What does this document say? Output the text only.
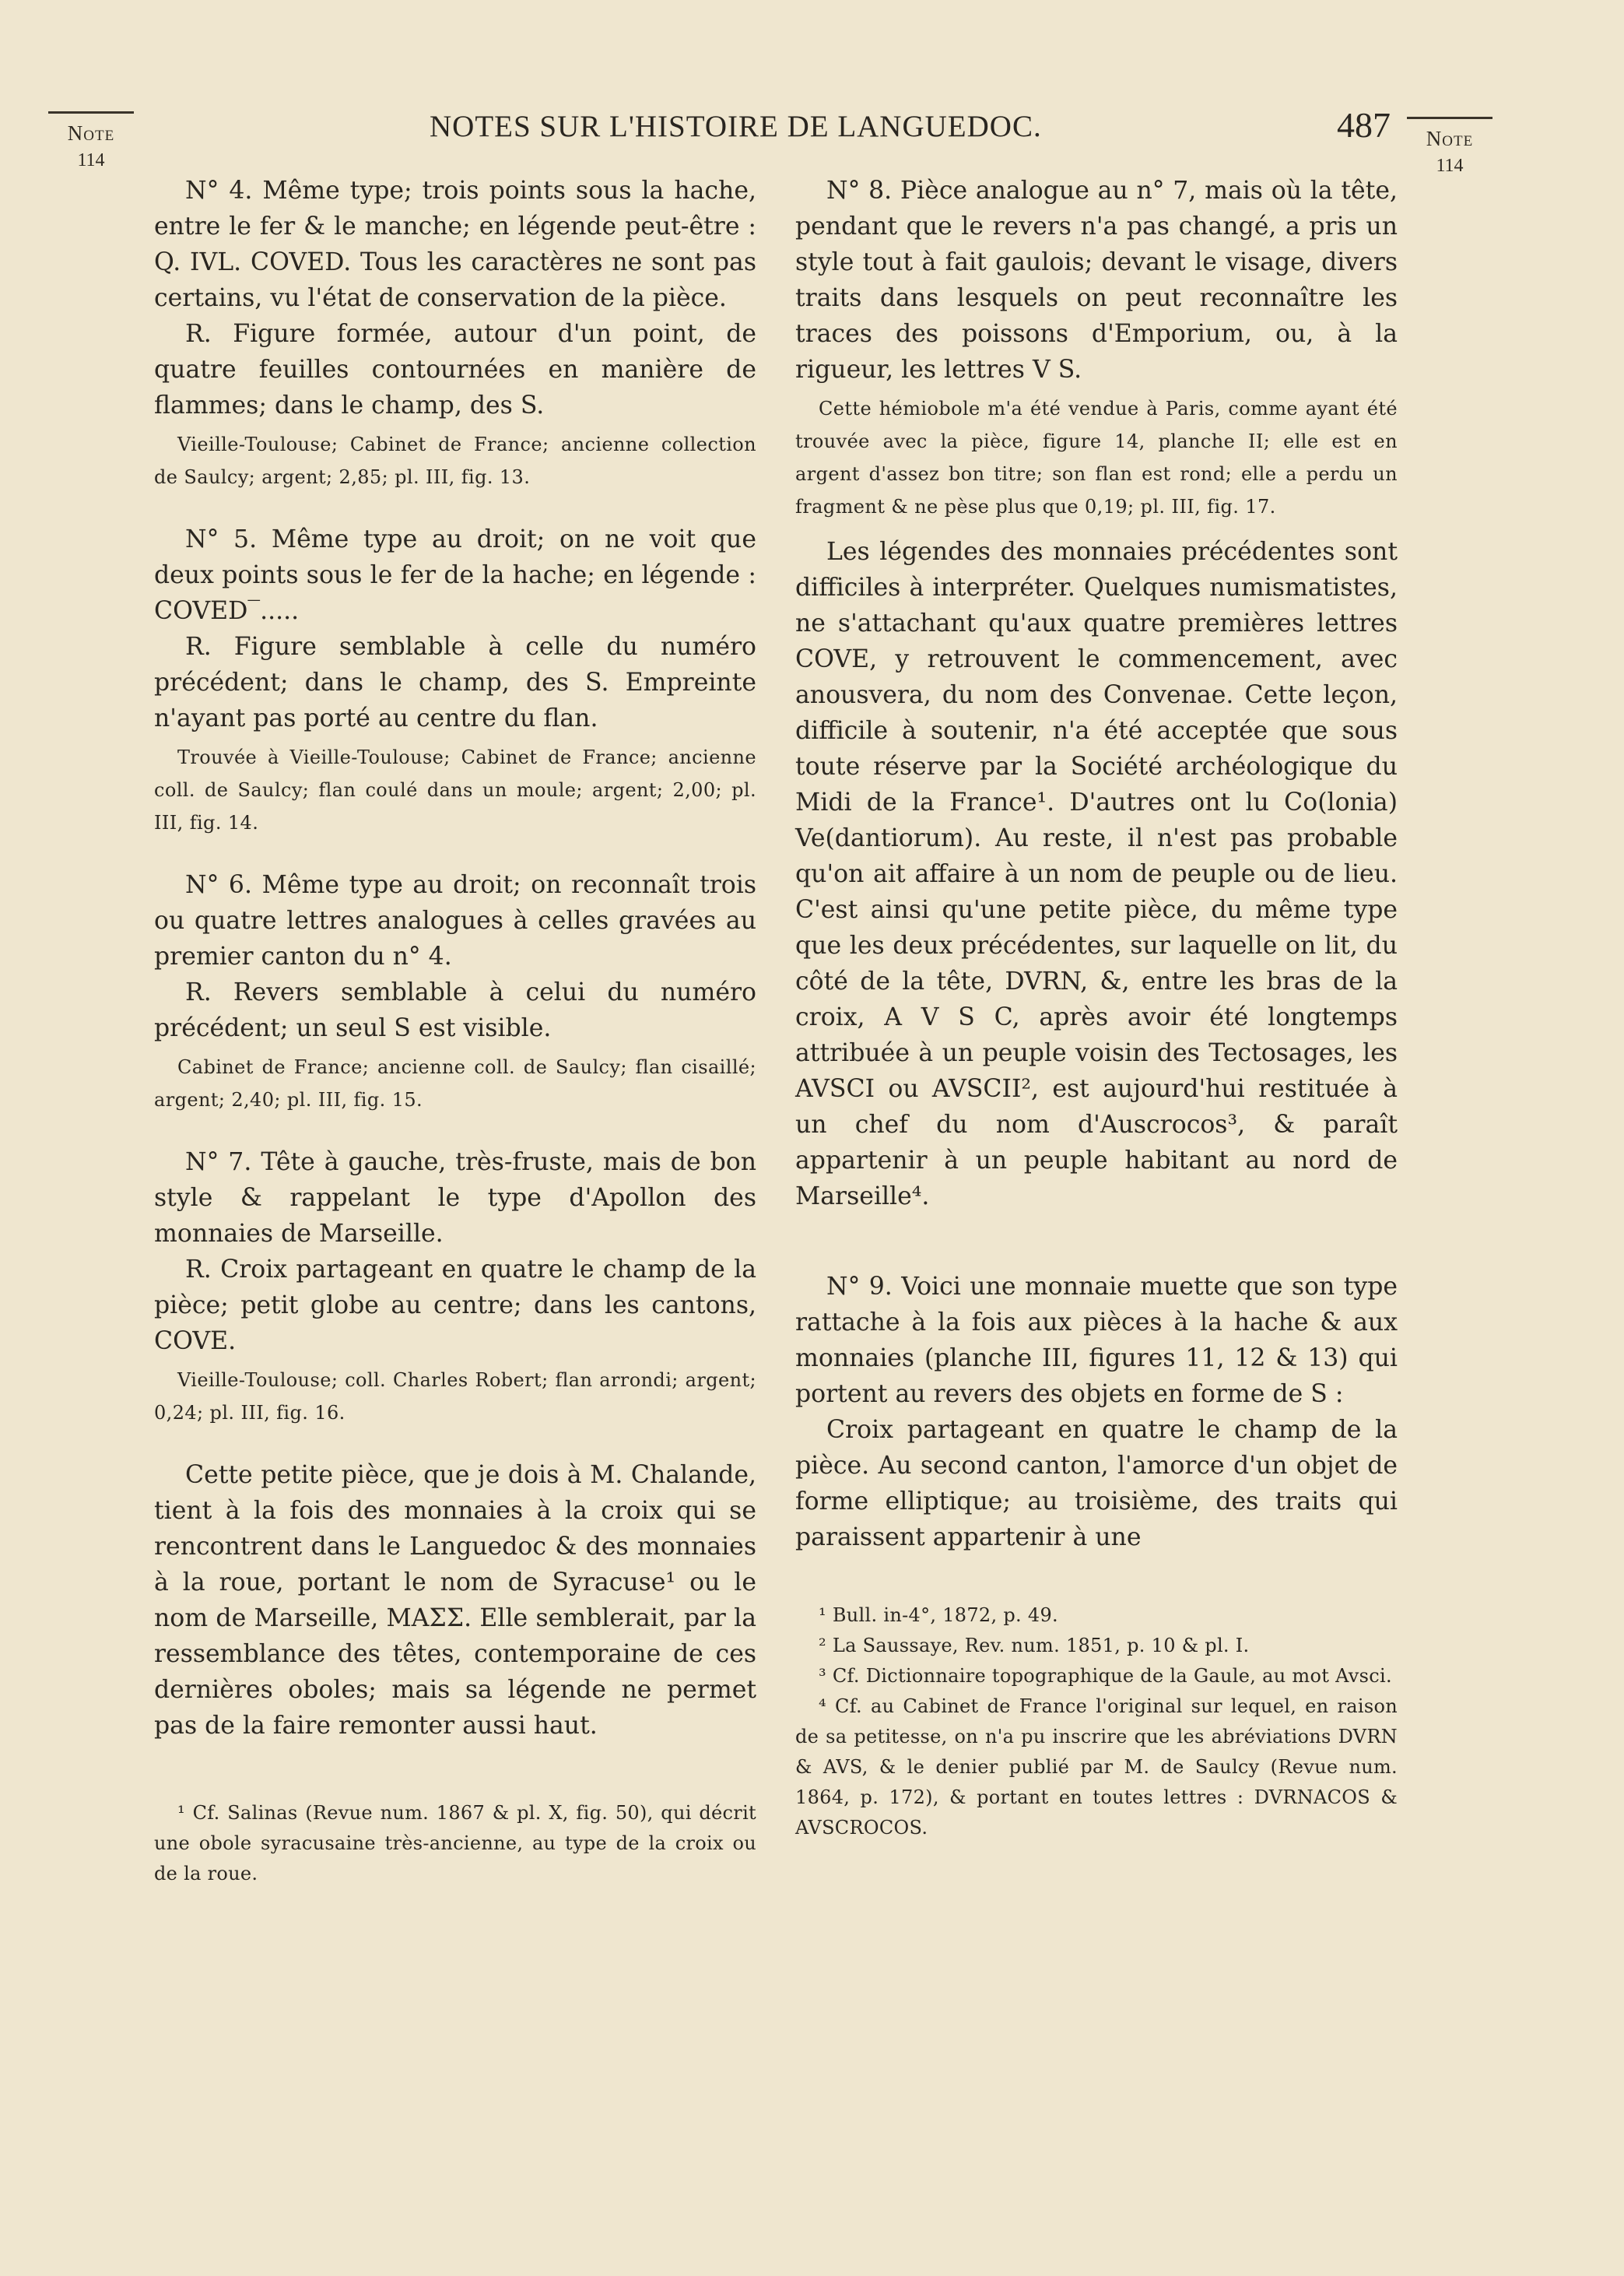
Note
114
NOTES SUR L'HISTOIRE DE LANGUEDOC.	487	Note
114

N° 4. Même type; trois points sous la hache, entre le fer & le manche; en légende peut-être : Q. IVL. COVED. Tous les caractères ne sont pas certains, vu l'état de conservation de la pièce.

R. Figure formée, autour d'un point, de quatre feuilles contournées en manière de flammes; dans le champ, des S.

Vieille-Toulouse; Cabinet de France; ancienne collection de Saulcy; argent; 2,85; pl. III, fig. 13.

N° 5. Même type au droit; on ne voit que deux points sous le fer de la hache; en légende : COVED‾.....

R. Figure semblable à celle du numéro précédent; dans le champ, des S. Empreinte n'ayant pas porté au centre du flan.

Trouvée à Vieille-Toulouse; Cabinet de France; ancienne coll. de Saulcy; flan coulé dans un moule; argent; 2,00; pl. III, fig. 14.

N° 6. Même type au droit; on reconnaît trois ou quatre lettres analogues à celles gravées au premier canton du n° 4.

R. Revers semblable à celui du numéro précédent; un seul S est visible.

Cabinet de France; ancienne coll. de Saulcy; flan cisaillé; argent; 2,40; pl. III, fig. 15.

N° 7. Tête à gauche, très-fruste, mais de bon style & rappelant le type d'Apollon des monnaies de Marseille.

R. Croix partageant en quatre le champ de la pièce; petit globe au centre; dans les cantons, COVE.

Vieille-Toulouse; coll. Charles Robert; flan arrondi; argent; 0,24; pl. III, fig. 16.

Cette petite pièce, que je dois à M. Chalande, tient à la fois des monnaies à la croix qui se rencontrent dans le Languedoc & des monnaies à la roue, portant le nom de Syracuse¹ ou le nom de Marseille, ΜΑΣΣ. Elle semblerait, par la ressemblance des têtes, contemporaine de ces dernières oboles; mais sa légende ne permet pas de la faire remonter aussi haut.

¹ Cf. Salinas (Revue num. 1867 & pl. X, fig. 50), qui décrit une obole syracusaine très-ancienne, au type de la croix ou de la roue.

N° 8. Pièce analogue au n° 7, mais où la tête, pendant que le revers n'a pas changé, a pris un style tout à fait gaulois; devant le visage, divers traits dans lesquels on peut reconnaître les traces des poissons d'Emporium, ou, à la rigueur, les lettres V S.

Cette hémiobole m'a été vendue à Paris, comme ayant été trouvée avec la pièce, figure 14, planche II; elle est en argent d'assez bon titre; son flan est rond; elle a perdu un fragment & ne pèse plus que 0,19; pl. III, fig. 17.

Les légendes des monnaies précédentes sont difficiles à interpréter. Quelques numismatistes, ne s'attachant qu'aux quatre premières lettres COVE, y retrouvent le commencement, avec anousvera, du nom des Convenae. Cette leçon, difficile à soutenir, n'a été acceptée que sous toute réserve par la Société archéologique du Midi de la France¹. D'autres ont lu Co(lonia) Ve(dantiorum). Au reste, il n'est pas probable qu'on ait affaire à un nom de peuple ou de lieu. C'est ainsi qu'une petite pièce, du même type que les deux précédentes, sur laquelle on lit, du côté de la tête, DVRN, &, entre les bras de la croix, A V S C, après avoir été longtemps attribuée à un peuple voisin des Tectosages, les AVSCI ou AVSCII², est aujourd'hui restituée à un chef du nom d'Auscrocos³, & paraît appartenir à un peuple habitant au nord de Marseille⁴.

N° 9. Voici une monnaie muette que son type rattache à la fois aux pièces à la hache & aux monnaies (planche III, figures 11, 12 & 13) qui portent au revers des objets en forme de S :

Croix partageant en quatre le champ de la pièce. Au second canton, l'amorce d'un objet de forme elliptique; au troisième, des traits qui paraissent appartenir à une

¹ Bull. in-4°, 1872, p. 49.

² La Saussaye, Rev. num. 1851, p. 10 & pl. I.

³ Cf. Dictionnaire topographique de la Gaule, au mot Avsci.

⁴ Cf. au Cabinet de France l'original sur lequel, en raison de sa petitesse, on n'a pu inscrire que les abréviations DVRN & AVS, & le denier publié par M. de Saulcy (Revue num. 1864, p. 172), & portant en toutes lettres : DVRNACOS & AVSCROCOS.
